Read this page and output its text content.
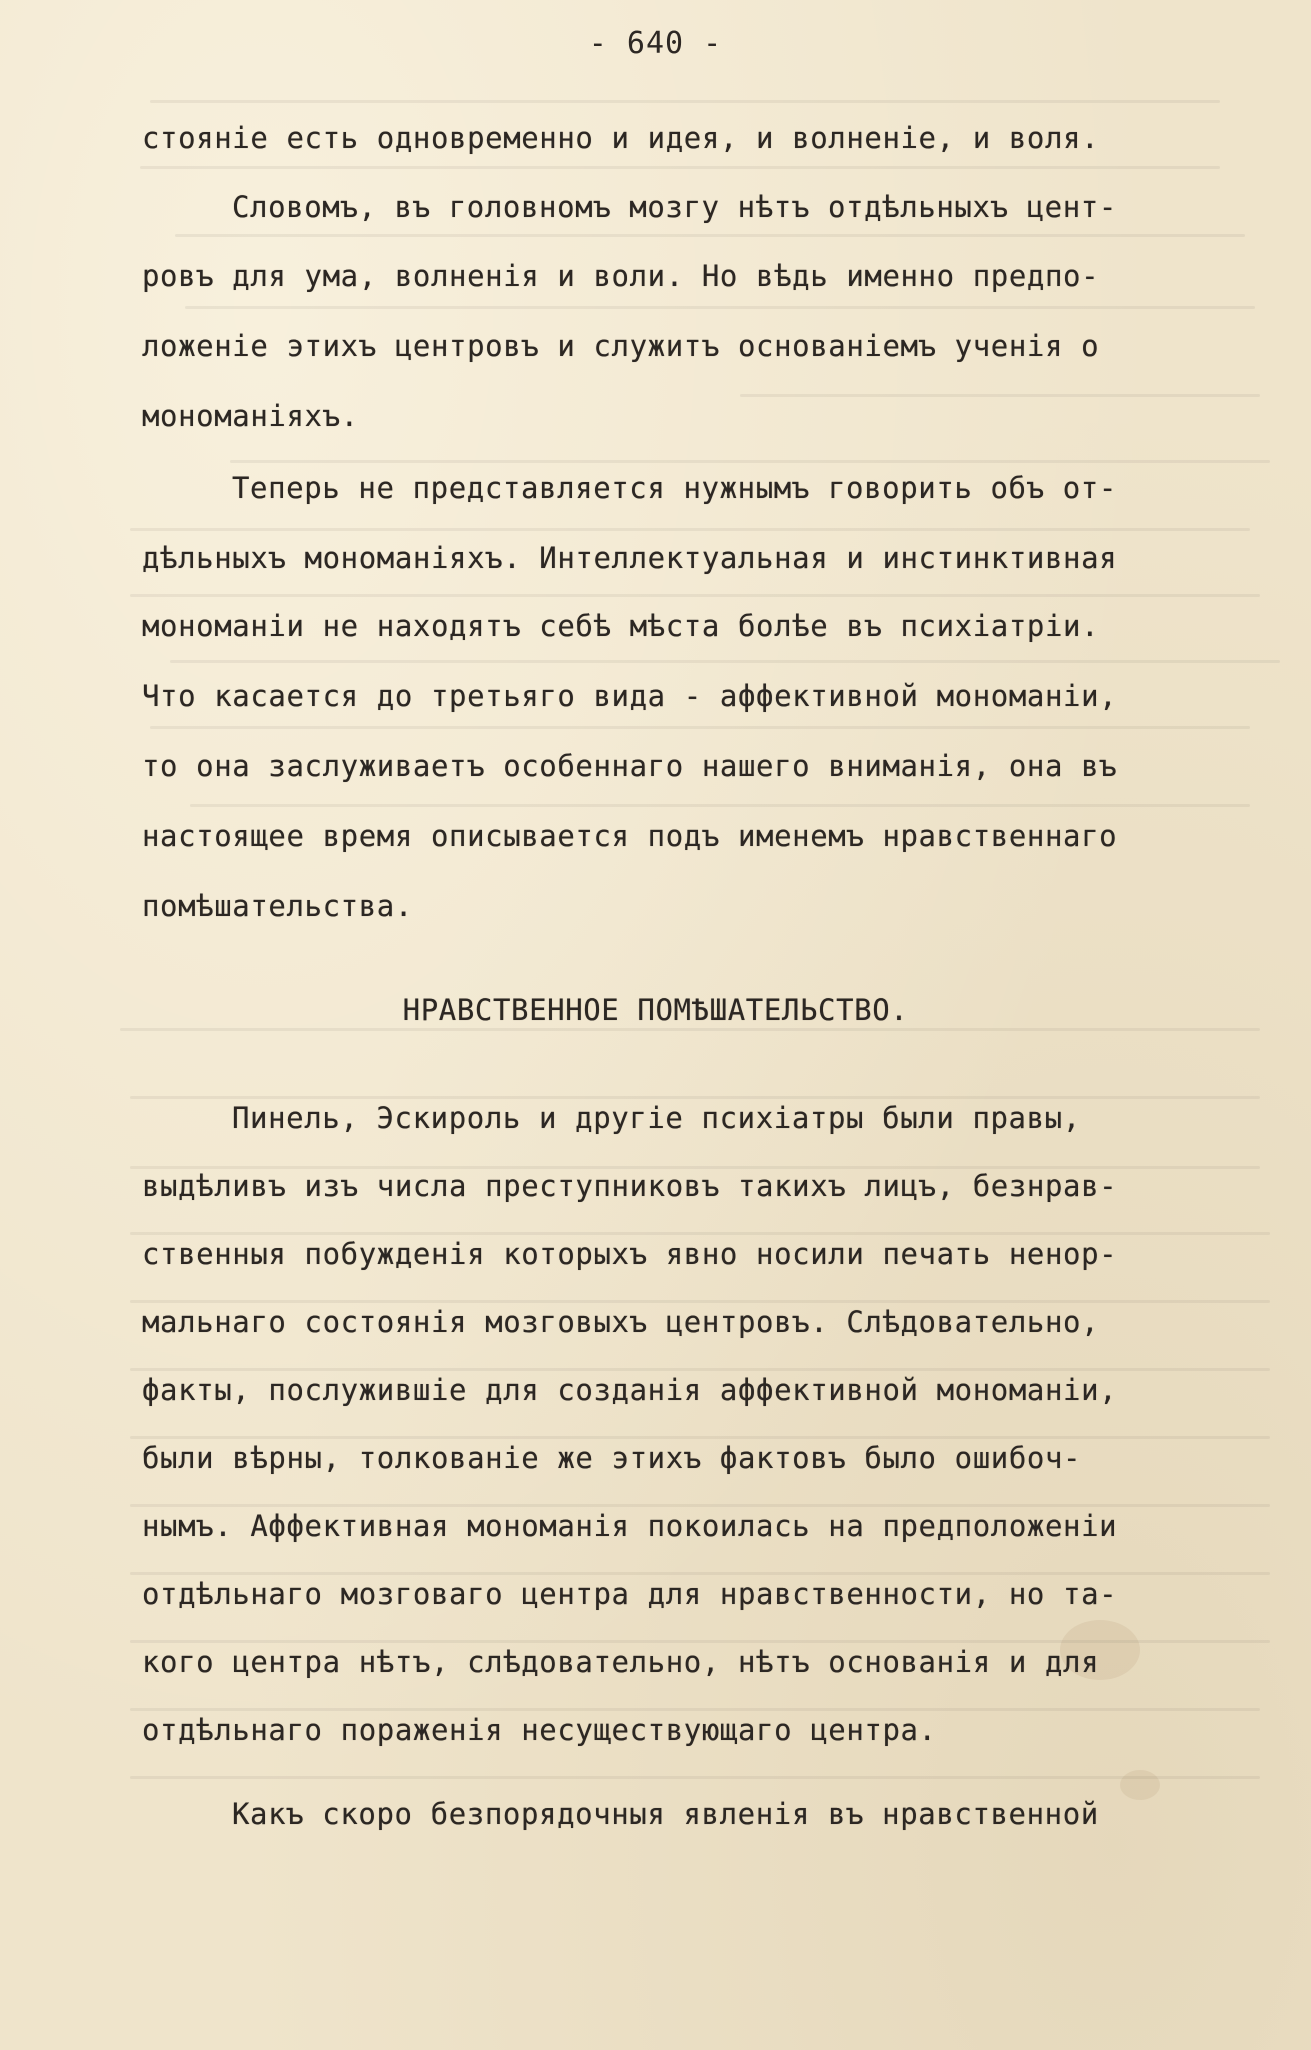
- 640 -
стояніе есть одновременно и идея, и волненіе, и воля.
Словомъ, въ головномъ мозгу нѣтъ отдѣльныхъ цент-
ровъ для ума, волненія и воли. Но вѣдь именно предпо-
ложеніе этихъ центровъ и служитъ основаніемъ ученія о
мономаніяхъ.
Теперь не представляется нужнымъ говорить объ от-
дѣльныхъ мономаніяхъ. Интеллектуальная и инстинктивная
мономаніи не находятъ себѣ мѣста болѣе въ психіатріи.
Что касается до третьяго вида - аффективной мономаніи,
то она заслуживаетъ особеннаго нашего вниманія, она въ
настоящее время описывается подъ именемъ нравственнаго
помѣшательства.
НРАВСТВЕННОЕ ПОМѢШАТЕЛЬСТВО.
Пинель, Эскироль и другіе психіатры были правы,
выдѣливъ изъ числа преступниковъ такихъ лицъ, безнрав-
ственныя побужденія которыхъ явно носили печать ненор-
мальнаго состоянія мозговыхъ центровъ. Слѣдовательно,
факты, послужившіе для созданія аффективной мономаніи,
были вѣрны, толкованіе же этихъ фактовъ было ошибоч-
нымъ. Аффективная мономанія покоилась на предположеніи
отдѣльнаго мозговаго центра для нравственности, но та-
кого центра нѣтъ, слѣдовательно, нѣтъ основанія и для
отдѣльнаго пораженія несуществующаго центра.
Какъ скоро безпорядочныя явленія въ нравственной
